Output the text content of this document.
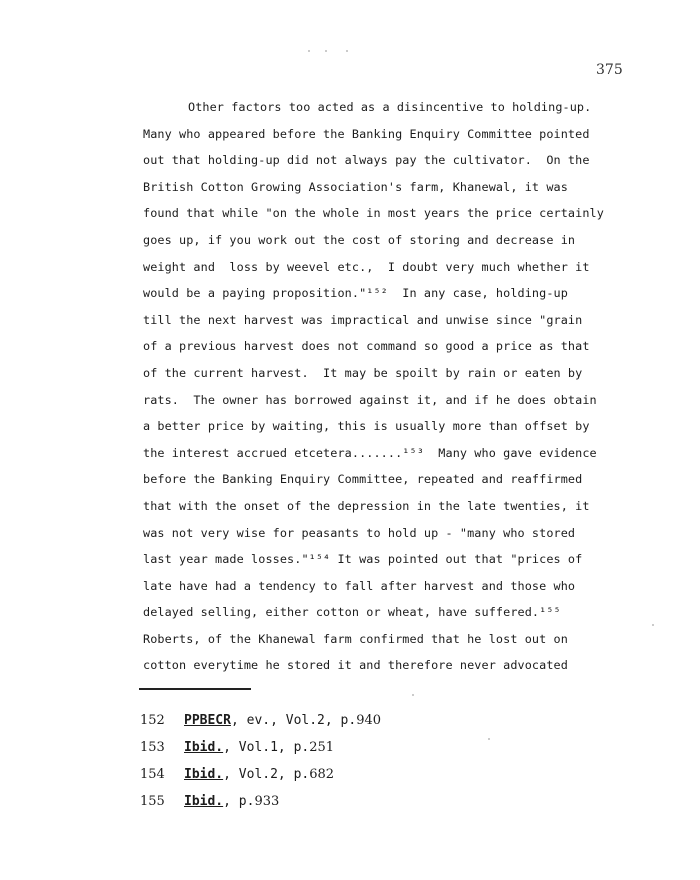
375
Other factors too acted as a disincentive to holding-up.
Many who appeared before the Banking Enquiry Committee pointed
out that holding-up did not always pay the cultivator.  On the
British Cotton Growing Association's farm, Khanewal, it was
found that while "on the whole in most years the price certainly
goes up, if you work out the cost of storing and decrease in
weight and  loss by weevel etc.,  I doubt very much whether it
would be a paying proposition."¹⁵²  In any case, holding-up
till the next harvest was impractical and unwise since "grain
of a previous harvest does not command so good a price as that
of the current harvest.  It may be spoilt by rain or eaten by
rats.  The owner has borrowed against it, and if he does obtain
a better price by waiting, this is usually more than offset by
the interest accrued etcetera.......¹⁵³  Many who gave evidence
before the Banking Enquiry Committee, repeated and reaffirmed
that with the onset of the depression in the late twenties, it
was not very wise for peasants to hold up - "many who stored
last year made losses."¹⁵⁴ It was pointed out that "prices of
late have had a tendency to fall after harvest and those who
delayed selling, either cotton or wheat, have suffered.¹⁵⁵
Roberts, of the Khanewal farm confirmed that he lost out on
cotton everytime he stored it and therefore never advocated
152 PPBECR, ev., Vol.2, p.940
153 Ibid., Vol.1, p.251
154 Ibid., Vol.2, p.682
155 Ibid., p.933
